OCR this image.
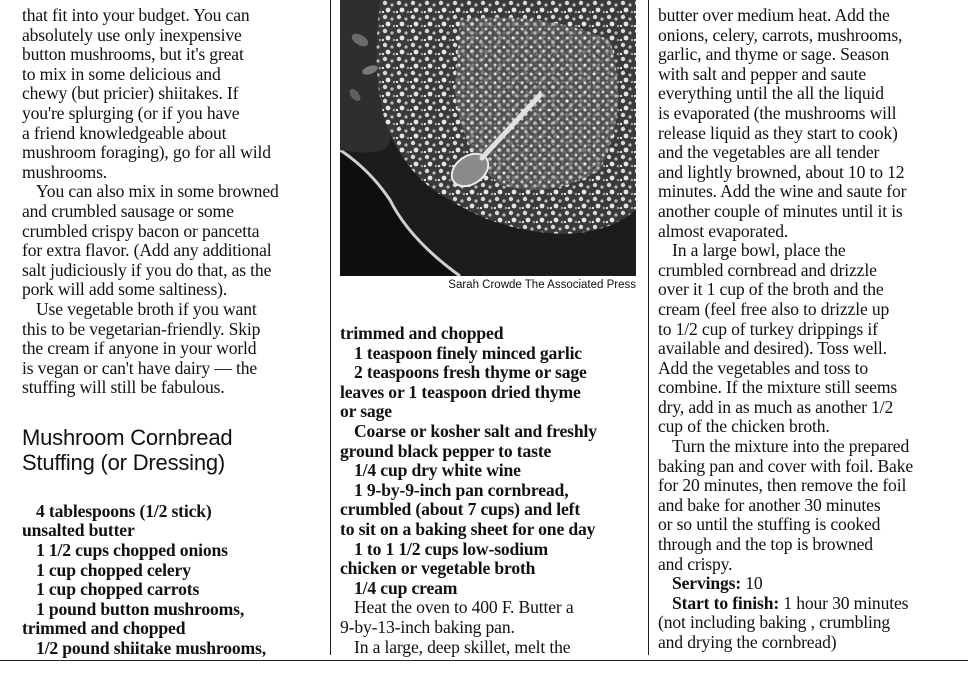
that fit into your budget. You can
absolutely use only inexpensive
button mushrooms, but it's great
to mix in some delicious and
chewy (but pricier) shiitakes. If
you're splurging (or if you have
a friend knowledgeable about
mushroom foraging), go for all wild
mushrooms.
You can also mix in some browned
and crumbled sausage or some
crumbled crispy bacon or pancetta
for extra flavor. (Add any additional
salt judiciously if you do that, as the
pork will add some saltiness).
Use vegetable broth if you want
this to be vegetarian-friendly. Skip
the cream if anyone in your world
is vegan or can't have dairy — the
stuffing will still be fabulous.
Mushroom Cornbread
Stuffing (or Dressing)
4 tablespoons (1/2 stick)
unsalted butter
1 1/2 cups chopped onions
1 cup chopped celery
1 cup chopped carrots
1 pound button mushrooms,
trimmed and chopped
1/2 pound shiitake mushrooms,
Sarah Crowde The Associated Press
trimmed and chopped
1 teaspoon finely minced garlic
2 teaspoons fresh thyme or sage
leaves or 1 teaspoon dried thyme
or sage
Coarse or kosher salt and freshly
ground black pepper to taste
1/4 cup dry white wine
1 9-by-9-inch pan cornbread,
crumbled (about 7 cups) and left
to sit on a baking sheet for one day
1 to 1 1/2 cups low-sodium
chicken or vegetable broth
1/4 cup cream
Heat the oven to 400 F. Butter a
9-by-13-inch baking pan.
In a large, deep skillet, melt the
butter over medium heat. Add the
onions, celery, carrots, mushrooms,
garlic, and thyme or sage. Season
with salt and pepper and saute
everything until the all the liquid
is evaporated (the mushrooms will
release liquid as they start to cook)
and the vegetables are all tender
and lightly browned, about 10 to 12
minutes. Add the wine and saute for
another couple of minutes until it is
almost evaporated.
In a large bowl, place the
crumbled cornbread and drizzle
over it 1 cup of the broth and the
cream (feel free also to drizzle up
to 1/2 cup of turkey drippings if
available and desired). Toss well.
Add the vegetables and toss to
combine. If the mixture still seems
dry, add in as much as another 1/2
cup of the chicken broth.
Turn the mixture into the prepared
baking pan and cover with foil. Bake
for 20 minutes, then remove the foil
and bake for another 30 minutes
or so until the stuffing is cooked
through and the top is browned
and crispy.
Servings: 10
Start to finish: 1 hour 30 minutes
(not including baking , crumbling
and drying the cornbread)
